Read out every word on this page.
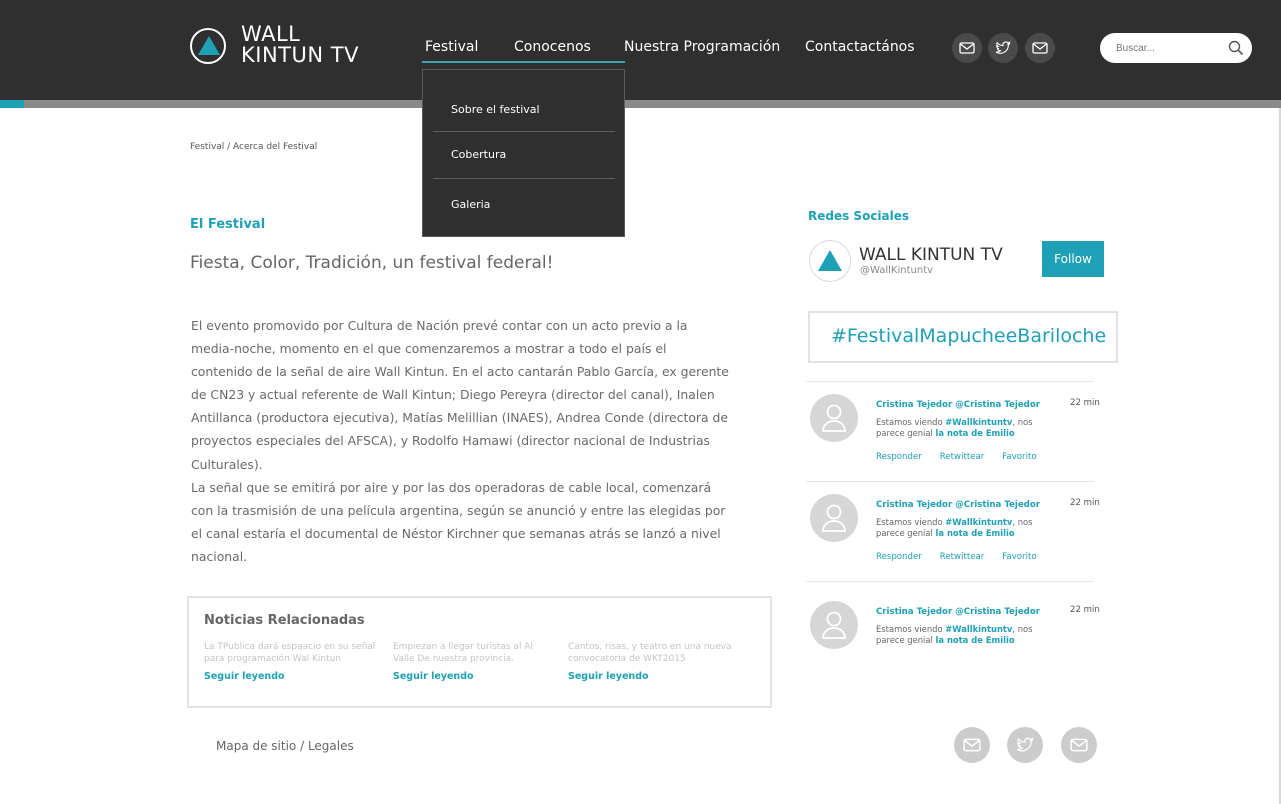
WALL
KINTUN TV	Festival	Conocenos Nuestra Programación Contactactános
Buscar...
Sobre el festival
Cobertura
Galeria
Festival / Acerca del Festival
El Festival
Fiesta, Color, Tradición, un festival federal!

El evento promovido por Cultura de Nación prevé contar con un acto previo a la media-noche, momento en el que comenzaremos a mostrar a todo el país el contenido de la señal de aire Wall Kintun. En el acto cantarán Pablo García, ex gerente de CN23 y actual referente de Wall Kintun; Diego Pereyra (director del canal), Inalen Antillanca (productora ejecutiva), Matías Melillian (INAES), Andrea Conde (directora de proyectos especiales del AFSCA), y Rodolfo Hamawi (director nacional de Industrias Culturales).

La señal que se emitirá por aire y por las dos operadoras de cable local, comenzará con la trasmisión de una película argentina, según se anunció y entre las elegidas por el canal estaría el documental de Néstor Kirchner que semanas atrás se lanzó a nivel nacional.

Noticias Relacionadas
La TPublica dará espaacio en su señal para programación Wal Kintun
Seguir leyendo
Empiezan a llegar turistas al Al Valle De nuestra provincia.
Seguir leyendo
Cantos, risas, y teatro en una nueva convocatoria de WKT2015
Seguir leyendo
Mapa de sitio / Legales
Redes Sociales
WALL KINTUN TV
@WallKintuntv
Follow
#FestivalMapucheeBariloche
Cristina Tejedor @Cristina Tejedor	22 min
Estamos viendo #Wallkintuntv, nos parece genial la nota de Emilio
Responder Retwittear Favorito
Cristina Tejedor @Cristina Tejedor	22 min
Estamos viendo #Wallkintuntv, nos parece genial la nota de Emilio
Responder Retwittear Favorito
Cristina Tejedor @Cristina Tejedor	22 min
Estamos viendo #Wallkintuntv, nos parece genial la nota de Emilio
